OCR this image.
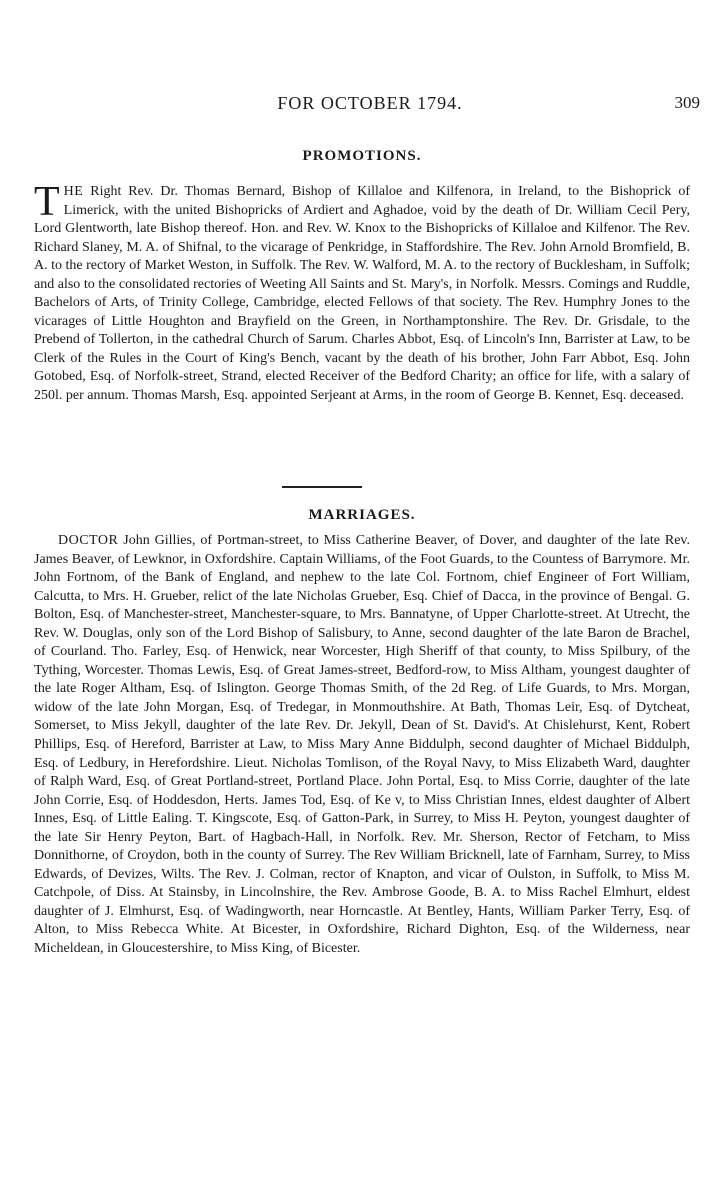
FOR OCTOBER 1794.	309
PROMOTIONS.

THE Right Rev. Dr. Thomas Bernard, Bishop of Killaloe and Kilfenora, in Ireland, to the Bishoprick of Limerick, with the united Bishopricks of Ardiert and Aghadoe, void by the death of Dr. William Cecil Pery, Lord Glentworth, late Bishop thereof. Hon. and Rev. W. Knox to the Bishopricks of Killaloe and Kilfenor. The Rev. Richard Slaney, M. A. of Shifnal, to the vicarage of Penkridge, in Staffordshire. The Rev. John Arnold Bromfield, B. A. to the rectory of Market Weston, in Suffolk. The Rev. W. Walford, M. A. to the rectory of Bucklesham, in Suffolk; and also to the consolidated rectories of Weeting All Saints and St. Mary's, in Norfolk. Messrs. Comings and Ruddle, Bachelors of Arts, of Trinity College, Cambridge, elected Fellows of that society. The Rev. Humphry Jones to the vicarages of Little Houghton and Brayfield on the Green, in Northamptonshire. The Rev. Dr. Grisdale, to the Prebend of Tollerton, in the cathedral Church of Sarum. Charles Abbot, Esq. of Lincoln's Inn, Barrister at Law, to be Clerk of the Rules in the Court of King's Bench, vacant by the death of his brother, John Farr Abbot, Esq. John Gotobed, Esq. of Norfolk-street, Strand, elected Receiver of the Bedford Charity; an office for life, with a salary of 250l. per annum. Thomas Marsh, Esq. appointed Serjeant at Arms, in the room of George B. Kennet, Esq. deceased.

MARRIAGES.

DOCTOR John Gillies, of Portman-street, to Miss Catherine Beaver, of Dover, and daughter of the late Rev. James Beaver, of Lewknor, in Oxfordshire. Captain Williams, of the Foot Guards, to the Countess of Barrymore. Mr. John Fortnom, of the Bank of England, and nephew to the late Col. Fortnom, chief Engineer of Fort William, Calcutta, to Mrs. H. Grueber, relict of the late Nicholas Grueber, Esq. Chief of Dacca, in the province of Bengal. G. Bolton, Esq. of Manchester-street, Manchester-square, to Mrs. Bannatyne, of Upper Charlotte-street. At Utrecht, the Rev. W. Douglas, only son of the Lord Bishop of Salisbury, to Anne, second daughter of the late Baron de Brachel, of Courland. Tho. Farley, Esq. of Henwick, near Worcester, High Sheriff of that county, to Miss Spilbury, of the Tything, Worcester. Thomas Lewis, Esq. of Great James-street, Bedford-row, to Miss Altham, youngest daughter of the late Roger Altham, Esq. of Islington. George Thomas Smith, of the 2d Reg. of Life Guards, to Mrs. Morgan, widow of the late John Morgan, Esq. of Tredegar, in Monmouthshire. At Bath, Thomas Leir, Esq. of Dytcheat, Somerset, to Miss Jekyll, daughter of the late Rev. Dr. Jekyll, Dean of St. David's. At Chislehurst, Kent, Robert Phillips, Esq. of Hereford, Barrister at Law, to Miss Mary Anne Biddulph, second daughter of Michael Biddulph, Esq. of Ledbury, in Herefordshire. Lieut. Nicholas Tomlison, of the Royal Navy, to Miss Elizabeth Ward, daughter of Ralph Ward, Esq. of Great Portland-street, Portland Place. John Portal, Esq. to Miss Corrie, daughter of the late John Corrie, Esq. of Hoddesdon, Herts. James Tod, Esq. of Ke v, to Miss Christian Innes, eldest daughter of Albert Innes, Esq. of Little Ealing. T. Kingscote, Esq. of Gatton-Park, in Surrey, to Miss H. Peyton, youngest daughter of the late Sir Henry Peyton, Bart. of Hagbach-Hall, in Norfolk. Rev. Mr. Sherson, Rector of Fetcham, to Miss Donnithorne, of Croydon, both in the county of Surrey. The Rev William Bricknell, late of Farnham, Surrey, to Miss Edwards, of Devizes, Wilts. The Rev. J. Colman, rector of Knapton, and vicar of Oulston, in Suffolk, to Miss M. Catchpole, of Diss. At Stainsby, in Lincolnshire, the Rev. Ambrose Goode, B. A. to Miss Rachel Elmhurt, eldest daughter of J. Elmhurst, Esq. of Wadingworth, near Horncastle. At Bentley, Hants, William Parker Terry, Esq. of Alton, to Miss Rebecca White. At Bicester, in Oxfordshire, Richard Dighton, Esq. of the Wilderness, near Micheldean, in Gloucestershire, to Miss King, of Bicester.
